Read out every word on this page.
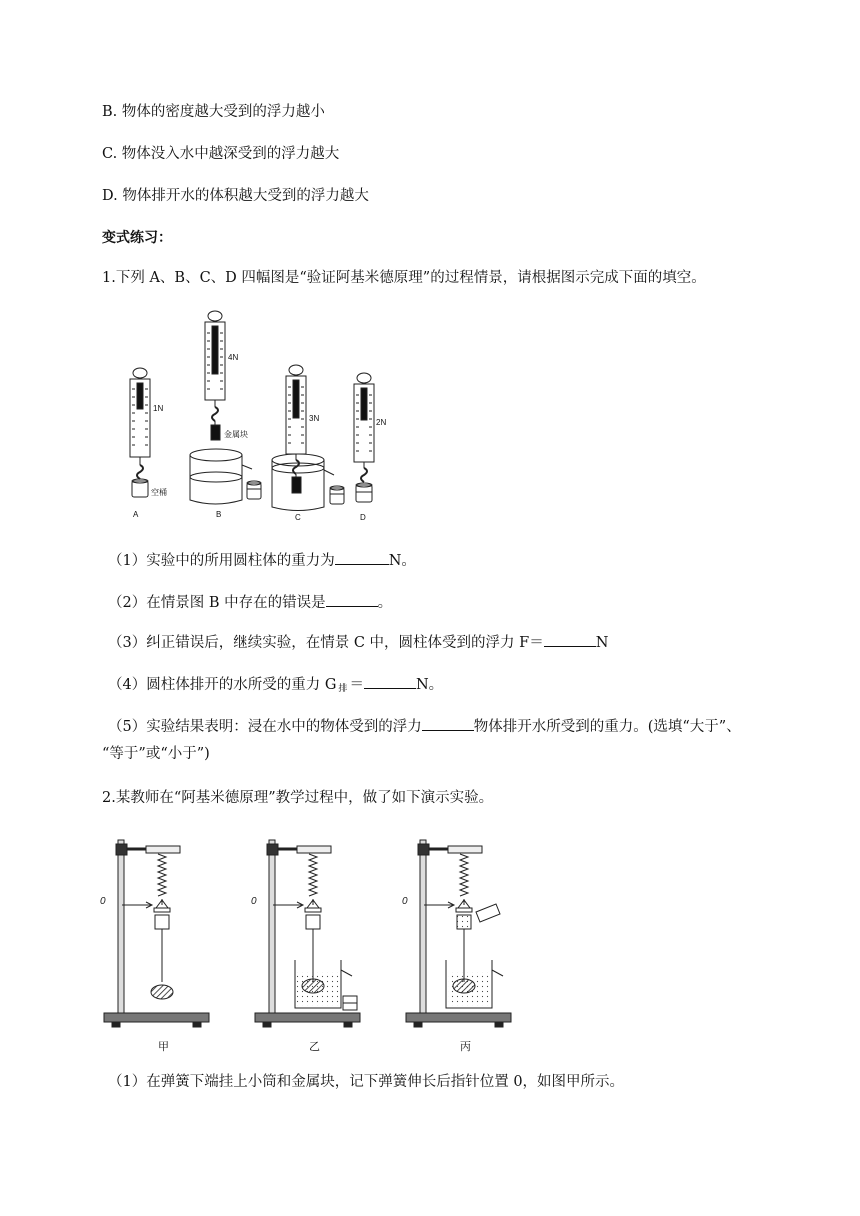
B. 物体的密度越大受到的浮力越小
C. 物体没入水中越深受到的浮力越大
D. 物体排开水的体积越大受到的浮力越大
变式练习：
1.下列 A、B、C、D 四幅图是“验证阿基米德原理”的过程情景，请根据图示完成下面的填空。
1N
4N
3N	2N
空桶
金属块
A	B	C	D
（1）实验中的所用圆柱体的重力为	N。
（2）在情景图 B 中存在的错误是	。
（3）纠正错误后，继续实验，在情景 C 中，圆柱体受到的浮力 F＝	N
（4）圆柱体排开的水所受的重力 G $_排$ ＝	N。
（5）实验结果表明：浸在水中的物体受到的浮力	物体排开水所受到的重力。(选填“大于”、
“等于”或“小于”)
2.某教师在“阿基米德原理”教学过程中，做了如下演示实验。
0	0	0
甲	乙	丙
（1）在弹簧下端挂上小筒和金属块，记下弹簧伸长后指针位置 0，如图甲所示。
